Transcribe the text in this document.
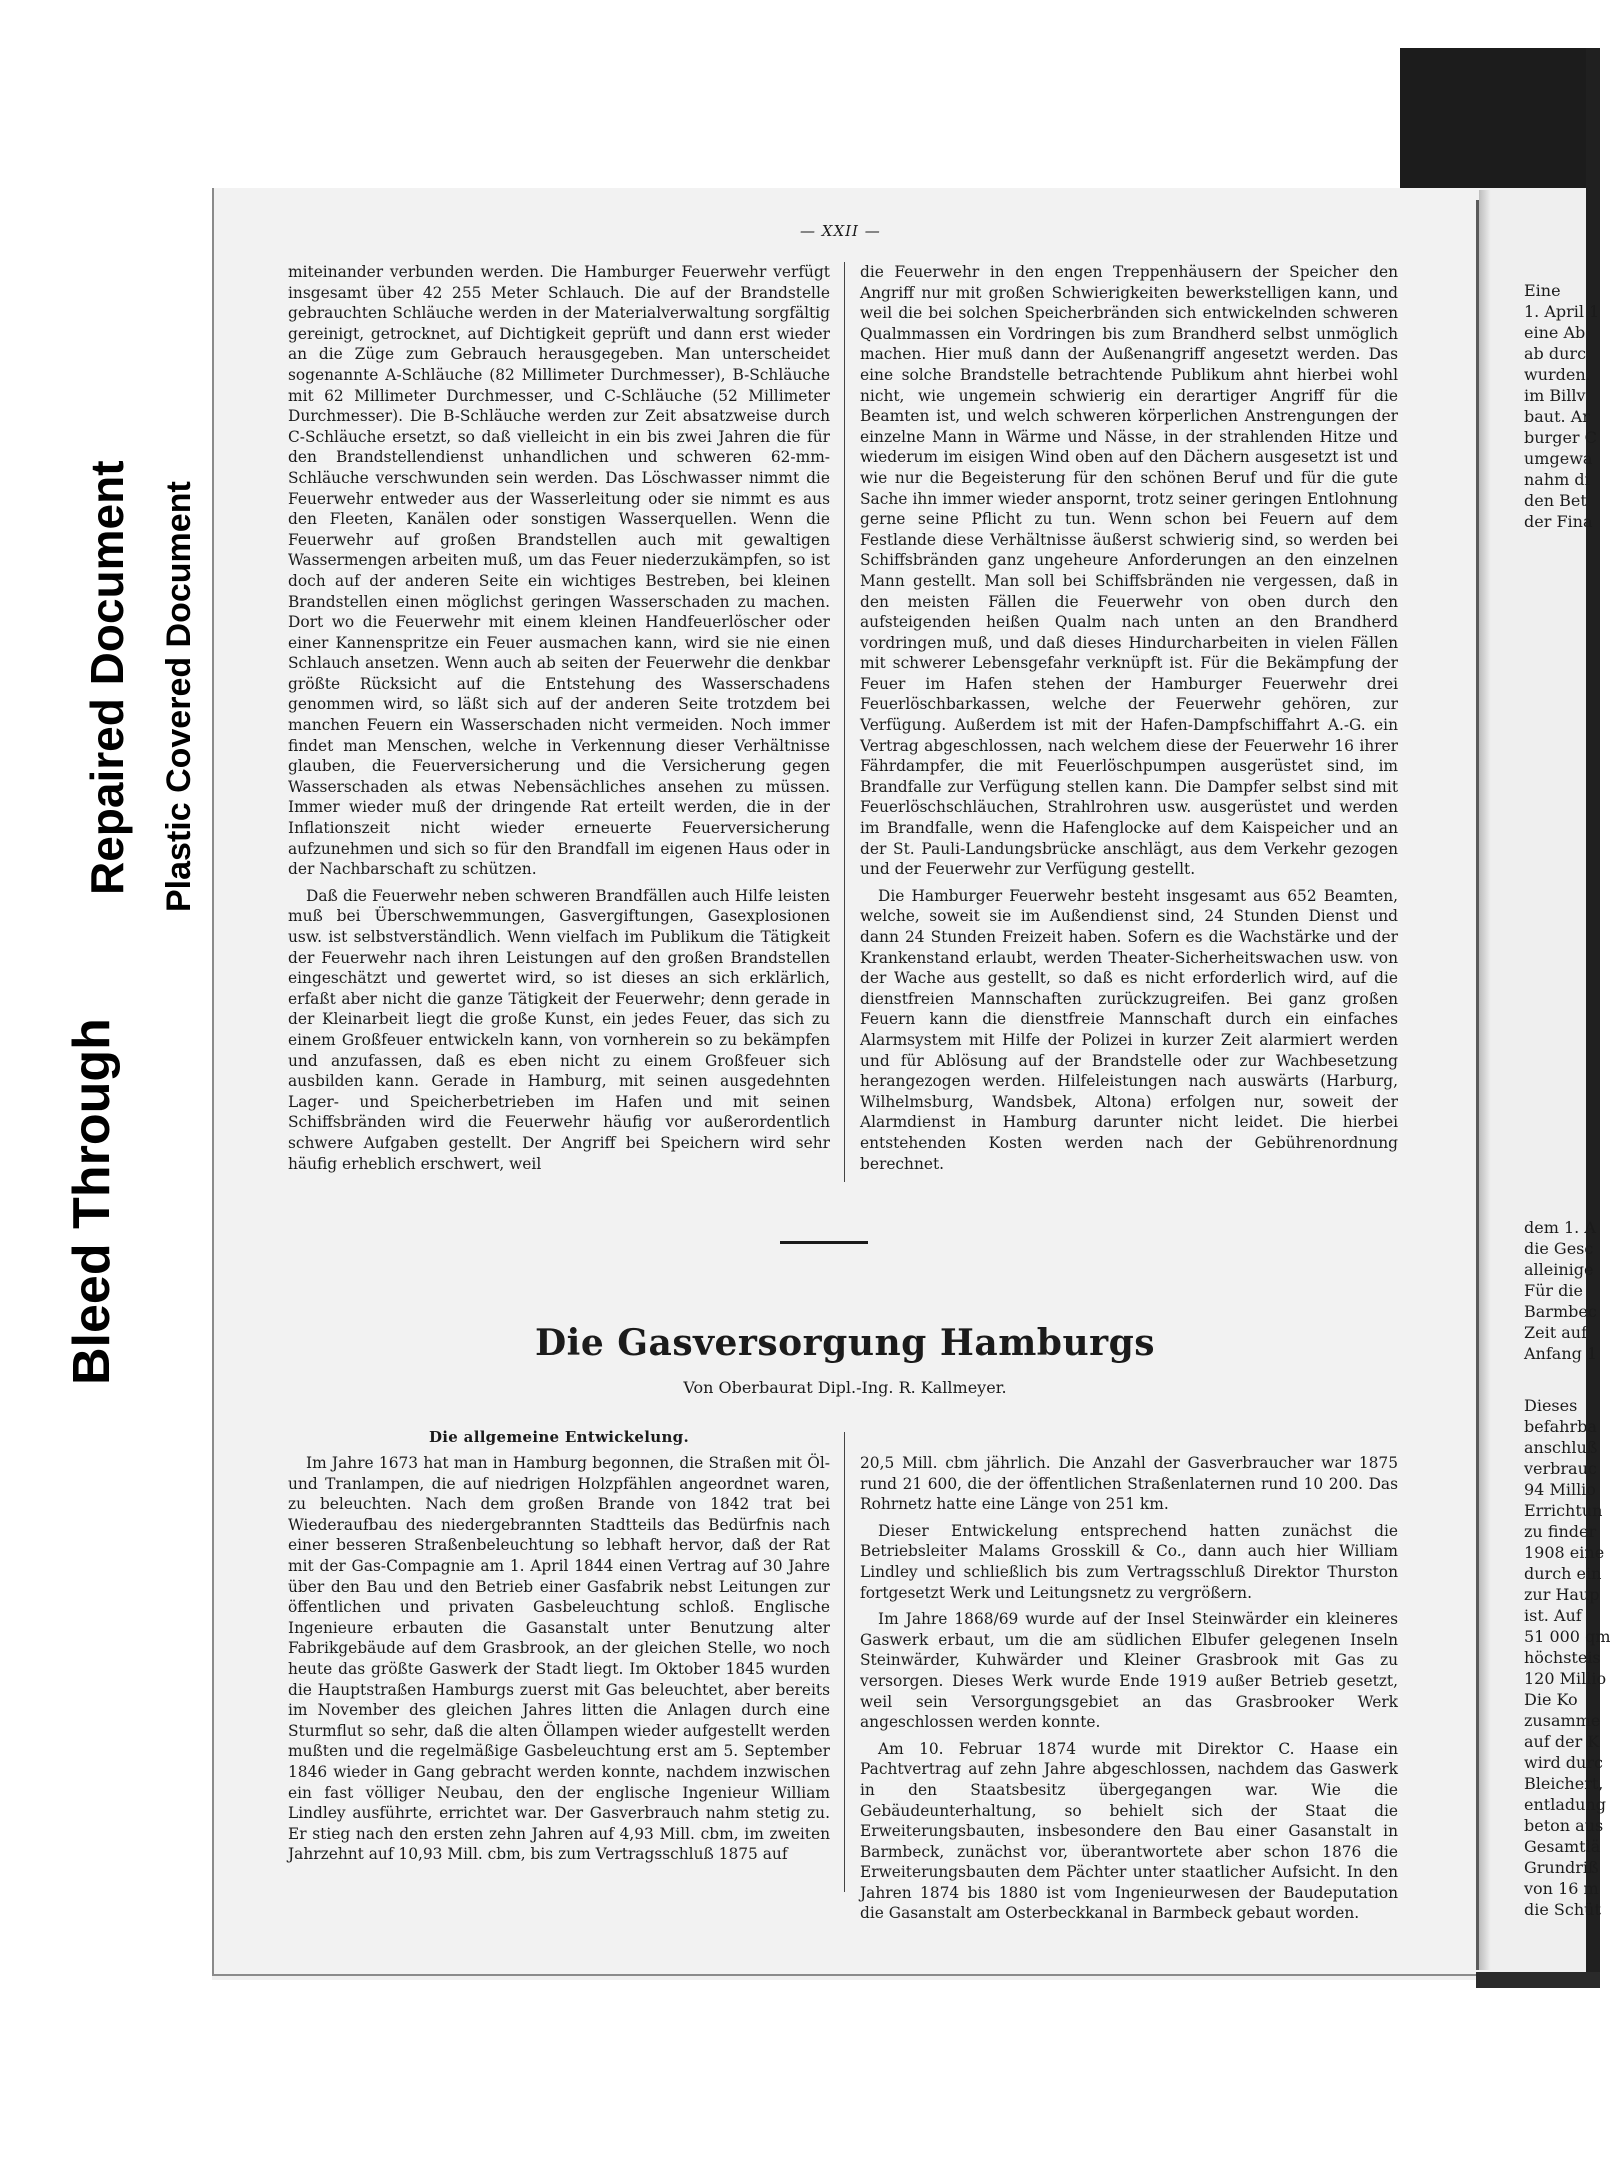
Bleed Through
Repaired Document Plastic Covered Document
Eine
1. April 1
eine Ab
ab durc
wurden.
im Billv
baut. Ar
burger C
umgewa
nahm di
den Bet
der Fina
dem 1. A
die Gesc
alleinige
Für die
Barmbec
Zeit auf
Anfang 1
Dieses
befahrba
anschluß
verbrauc
94 Millio
Errichtun
zu finder
1908 eine
durch ein
zur Haup
ist. Auf
51 000 qm
höchsteis
120 Millio
Die Ko
zusamme
auf der K
wird durc
Bleichert,
entladung
beton aus
Gesamtlä
Grundriß
von 16 m
die Schüt
— XXII —

miteinander verbunden werden. Die Hamburger Feuerwehr verfügt insgesamt über 42 255 Meter Schlauch. Die auf der Brandstelle gebrauchten Schläuche werden in der Materialverwaltung sorgfältig gereinigt, getrocknet, auf Dichtigkeit geprüft und dann erst wieder an die Züge zum Gebrauch herausgegeben. Man unterscheidet sogenannte A-Schläuche (82 Millimeter Durchmesser), B-Schläuche mit 62 Millimeter Durchmesser, und C-Schläuche (52 Millimeter Durchmesser). Die B-Schläuche werden zur Zeit absatzweise durch C-Schläuche ersetzt, so daß vielleicht in ein bis zwei Jahren die für den Brandstellendienst unhandlichen und schweren 62-mm-Schläuche verschwunden sein werden. Das Löschwasser nimmt die Feuerwehr entweder aus der Wasserleitung oder sie nimmt es aus den Fleeten, Kanälen oder sonstigen Wasserquellen. Wenn die Feuerwehr auf großen Brandstellen auch mit gewaltigen Wassermengen arbeiten muß, um das Feuer niederzukämpfen, so ist doch auf der anderen Seite ein wichtiges Bestreben, bei kleinen Brandstellen einen möglichst geringen Wasserschaden zu machen. Dort wo die Feuerwehr mit einem kleinen Handfeuerlöscher oder einer Kannenspritze ein Feuer ausmachen kann, wird sie nie einen Schlauch ansetzen. Wenn auch ab seiten der Feuerwehr die denkbar größte Rücksicht auf die Entstehung des Wasserschadens genommen wird, so läßt sich auf der anderen Seite trotzdem bei manchen Feuern ein Wasserschaden nicht vermeiden. Noch immer findet man Menschen, welche in Verkennung dieser Verhältnisse glauben, die Feuerversicherung und die Versicherung gegen Wasserschaden als etwas Nebensächliches ansehen zu müssen. Immer wieder muß der dringende Rat erteilt werden, die in der Inflationszeit nicht wieder erneuerte Feuerversicherung aufzunehmen und sich so für den Brandfall im eigenen Haus oder in der Nachbarschaft zu schützen.

Daß die Feuerwehr neben schweren Brandfällen auch Hilfe leisten muß bei Überschwemmungen, Gasvergiftungen, Gasexplosionen usw. ist selbstverständlich. Wenn vielfach im Publikum die Tätigkeit der Feuerwehr nach ihren Leistungen auf den großen Brandstellen eingeschätzt und gewertet wird, so ist dieses an sich erklärlich, erfaßt aber nicht die ganze Tätigkeit der Feuerwehr; denn gerade in der Kleinarbeit liegt die große Kunst, ein jedes Feuer, das sich zu einem Großfeuer entwickeln kann, von vornherein so zu bekämpfen und anzufassen, daß es eben nicht zu einem Großfeuer sich ausbilden kann. Gerade in Hamburg, mit seinen ausgedehnten Lager- und Speicherbetrieben im Hafen und mit seinen Schiffsbränden wird die Feuerwehr häufig vor außerordentlich schwere Aufgaben gestellt. Der Angriff bei Speichern wird sehr häufig erheblich erschwert, weil

die Feuerwehr in den engen Treppenhäusern der Speicher den Angriff nur mit großen Schwierigkeiten bewerkstelligen kann, und weil die bei solchen Speicherbränden sich entwickelnden schweren Qualmmassen ein Vordringen bis zum Brandherd selbst unmöglich machen. Hier muß dann der Außenangriff angesetzt werden. Das eine solche Brandstelle betrachtende Publikum ahnt hierbei wohl nicht, wie ungemein schwierig ein derartiger Angriff für die Beamten ist, und welch schweren körperlichen Anstrengungen der einzelne Mann in Wärme und Nässe, in der strahlenden Hitze und wiederum im eisigen Wind oben auf den Dächern ausgesetzt ist und wie nur die Begeisterung für den schönen Beruf und für die gute Sache ihn immer wieder anspornt, trotz seiner geringen Entlohnung gerne seine Pflicht zu tun. Wenn schon bei Feuern auf dem Festlande diese Verhältnisse äußerst schwierig sind, so werden bei Schiffsbränden ganz ungeheure Anforderungen an den einzelnen Mann gestellt. Man soll bei Schiffsbränden nie vergessen, daß in den meisten Fällen die Feuerwehr von oben durch den aufsteigenden heißen Qualm nach unten an den Brandherd vordringen muß, und daß dieses Hindurcharbeiten in vielen Fällen mit schwerer Lebensgefahr verknüpft ist. Für die Bekämpfung der Feuer im Hafen stehen der Hamburger Feuerwehr drei Feuerlöschbarkassen, welche der Feuerwehr gehören, zur Verfügung. Außerdem ist mit der Hafen-Dampfschiffahrt A.-G. ein Vertrag abgeschlossen, nach welchem diese der Feuerwehr 16 ihrer Fährdampfer, die mit Feuerlöschpumpen ausgerüstet sind, im Brandfalle zur Verfügung stellen kann. Die Dampfer selbst sind mit Feuerlöschschläuchen, Strahlrohren usw. ausgerüstet und werden im Brandfalle, wenn die Hafenglocke auf dem Kaispeicher und an der St. Pauli-Landungsbrücke anschlägt, aus dem Verkehr gezogen und der Feuerwehr zur Verfügung gestellt.

Die Hamburger Feuerwehr besteht insgesamt aus 652 Beamten, welche, soweit sie im Außendienst sind, 24 Stunden Dienst und dann 24 Stunden Freizeit haben. Sofern es die Wachstärke und der Krankenstand erlaubt, werden Theater-Sicherheitswachen usw. von der Wache aus gestellt, so daß es nicht erforderlich wird, auf die dienstfreien Mannschaften zurückzugreifen. Bei ganz großen Feuern kann die dienstfreie Mannschaft durch ein einfaches Alarmsystem mit Hilfe der Polizei in kurzer Zeit alarmiert werden und für Ablösung auf der Brandstelle oder zur Wachbesetzung herangezogen werden. Hilfeleistungen nach auswärts (Harburg, Wilhelmsburg, Wandsbek, Altona) erfolgen nur, soweit der Alarmdienst in Hamburg darunter nicht leidet. Die hierbei entstehenden Kosten werden nach der Gebührenordnung berechnet.

Die Gasversorgung Hamburgs
Von Oberbaurat Dipl.-Ing. R. Kallmeyer.
Die allgemeine Entwickelung.

Im Jahre 1673 hat man in Hamburg begonnen, die Straßen mit Öl- und Tranlampen, die auf niedrigen Holzpfählen angeordnet waren, zu beleuchten. Nach dem großen Brande von 1842 trat bei Wiederaufbau des niedergebrannten Stadtteils das Bedürfnis nach einer besseren Straßenbeleuchtung so lebhaft hervor, daß der Rat mit der Gas-Compagnie am 1. April 1844 einen Vertrag auf 30 Jahre über den Bau und den Betrieb einer Gasfabrik nebst Leitungen zur öffentlichen und privaten Gasbeleuchtung schloß. Englische Ingenieure erbauten die Gasanstalt unter Benutzung alter Fabrikgebäude auf dem Grasbrook, an der gleichen Stelle, wo noch heute das größte Gaswerk der Stadt liegt. Im Oktober 1845 wurden die Hauptstraßen Hamburgs zuerst mit Gas beleuchtet, aber bereits im November des gleichen Jahres litten die Anlagen durch eine Sturmflut so sehr, daß die alten Öllampen wieder aufgestellt werden mußten und die regelmäßige Gasbeleuchtung erst am 5. September 1846 wieder in Gang gebracht werden konnte, nachdem inzwischen ein fast völliger Neubau, den der englische Ingenieur William Lindley ausführte, errichtet war. Der Gasverbrauch nahm stetig zu. Er stieg nach den ersten zehn Jahren auf 4,93 Mill. cbm, im zweiten Jahrzehnt auf 10,93 Mill. cbm, bis zum Vertragsschluß 1875 auf

20,5 Mill. cbm jährlich. Die Anzahl der Gasverbraucher war 1875 rund 21 600, die der öffentlichen Straßenlaternen rund 10 200. Das Rohrnetz hatte eine Länge von 251 km.

Dieser Entwickelung entsprechend hatten zunächst die Betriebsleiter Malams Grosskill & Co., dann auch hier William Lindley und schließlich bis zum Vertragsschluß Direktor Thurston fortgesetzt Werk und Leitungsnetz zu vergrößern.

Im Jahre 1868/69 wurde auf der Insel Steinwärder ein kleineres Gaswerk erbaut, um die am südlichen Elbufer gelegenen Inseln Steinwärder, Kuhwärder und Kleiner Grasbrook mit Gas zu versorgen. Dieses Werk wurde Ende 1919 außer Betrieb gesetzt, weil sein Versorgungsgebiet an das Grasbrooker Werk angeschlossen werden konnte.

Am 10. Februar 1874 wurde mit Direktor C. Haase ein Pachtvertrag auf zehn Jahre abgeschlossen, nachdem das Gaswerk in den Staatsbesitz übergegangen war. Wie die Gebäudeunterhaltung, so behielt sich der Staat die Erweiterungsbauten, insbesondere den Bau einer Gasanstalt in Barmbeck, zunächst vor, überantwortete aber schon 1876 die Erweiterungsbauten dem Pächter unter staatlicher Aufsicht. In den Jahren 1874 bis 1880 ist vom Ingenieurwesen der Baudeputation die Gasanstalt am Osterbeckkanal in Barmbeck gebaut worden.
